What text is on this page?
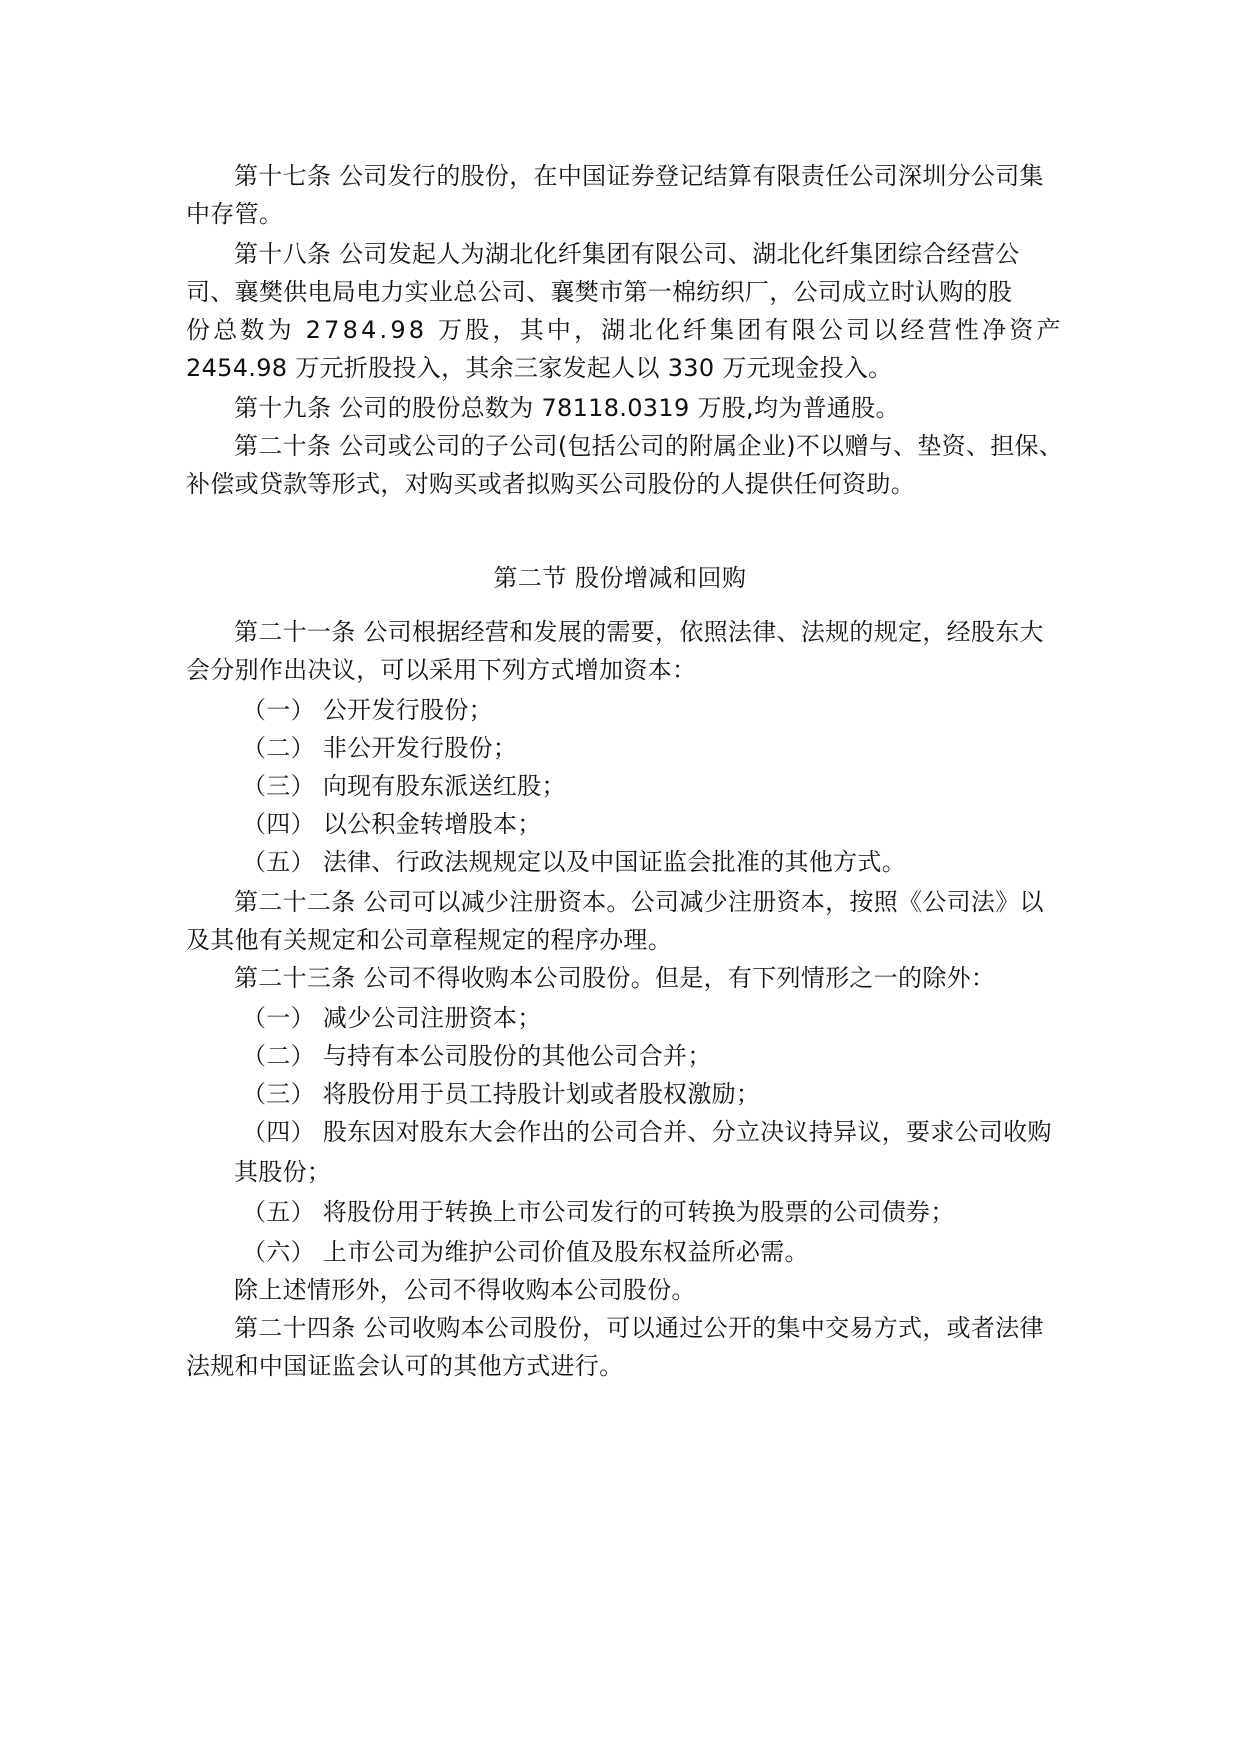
第十七条 公司发行的股份，在中国证券登记结算有限责任公司深圳分公司集
中存管。
第十八条 公司发起人为湖北化纤集团有限公司、湖北化纤集团综合经营公
司、襄樊供电局电力实业总公司、襄樊市第一棉纺织厂，公司成立时认购的股
份总数为 2784.98 万股，其中，湖北化纤集团有限公司以经营性净资产
2454.98 万元折股投入，其余三家发起人以 330 万元现金投入。
第十九条 公司的股份总数为 78118.0319 万股,均为普通股。
第二十条 公司或公司的子公司(包括公司的附属企业)不以赠与、垫资、担保、
补偿或贷款等形式，对购买或者拟购买公司股份的人提供任何资助。
第二节 股份增减和回购
第二十一条 公司根据经营和发展的需要，依照法律、法规的规定，经股东大
会分别作出决议，可以采用下列方式增加资本：
（一） 公开发行股份；
（二） 非公开发行股份；
（三） 向现有股东派送红股；
（四） 以公积金转增股本；
（五） 法律、行政法规规定以及中国证监会批准的其他方式。
第二十二条 公司可以减少注册资本。公司减少注册资本，按照《公司法》以
及其他有关规定和公司章程规定的程序办理。
第二十三条 公司不得收购本公司股份。但是，有下列情形之一的除外：
（一） 减少公司注册资本；
（二） 与持有本公司股份的其他公司合并；
（三） 将股份用于员工持股计划或者股权激励；
（四） 股东因对股东大会作出的公司合并、分立决议持异议，要求公司收购
其股份；
（五） 将股份用于转换上市公司发行的可转换为股票的公司债券；
（六） 上市公司为维护公司价值及股东权益所必需。
除上述情形外，公司不得收购本公司股份。
第二十四条 公司收购本公司股份，可以通过公开的集中交易方式，或者法律
法规和中国证监会认可的其他方式进行。
